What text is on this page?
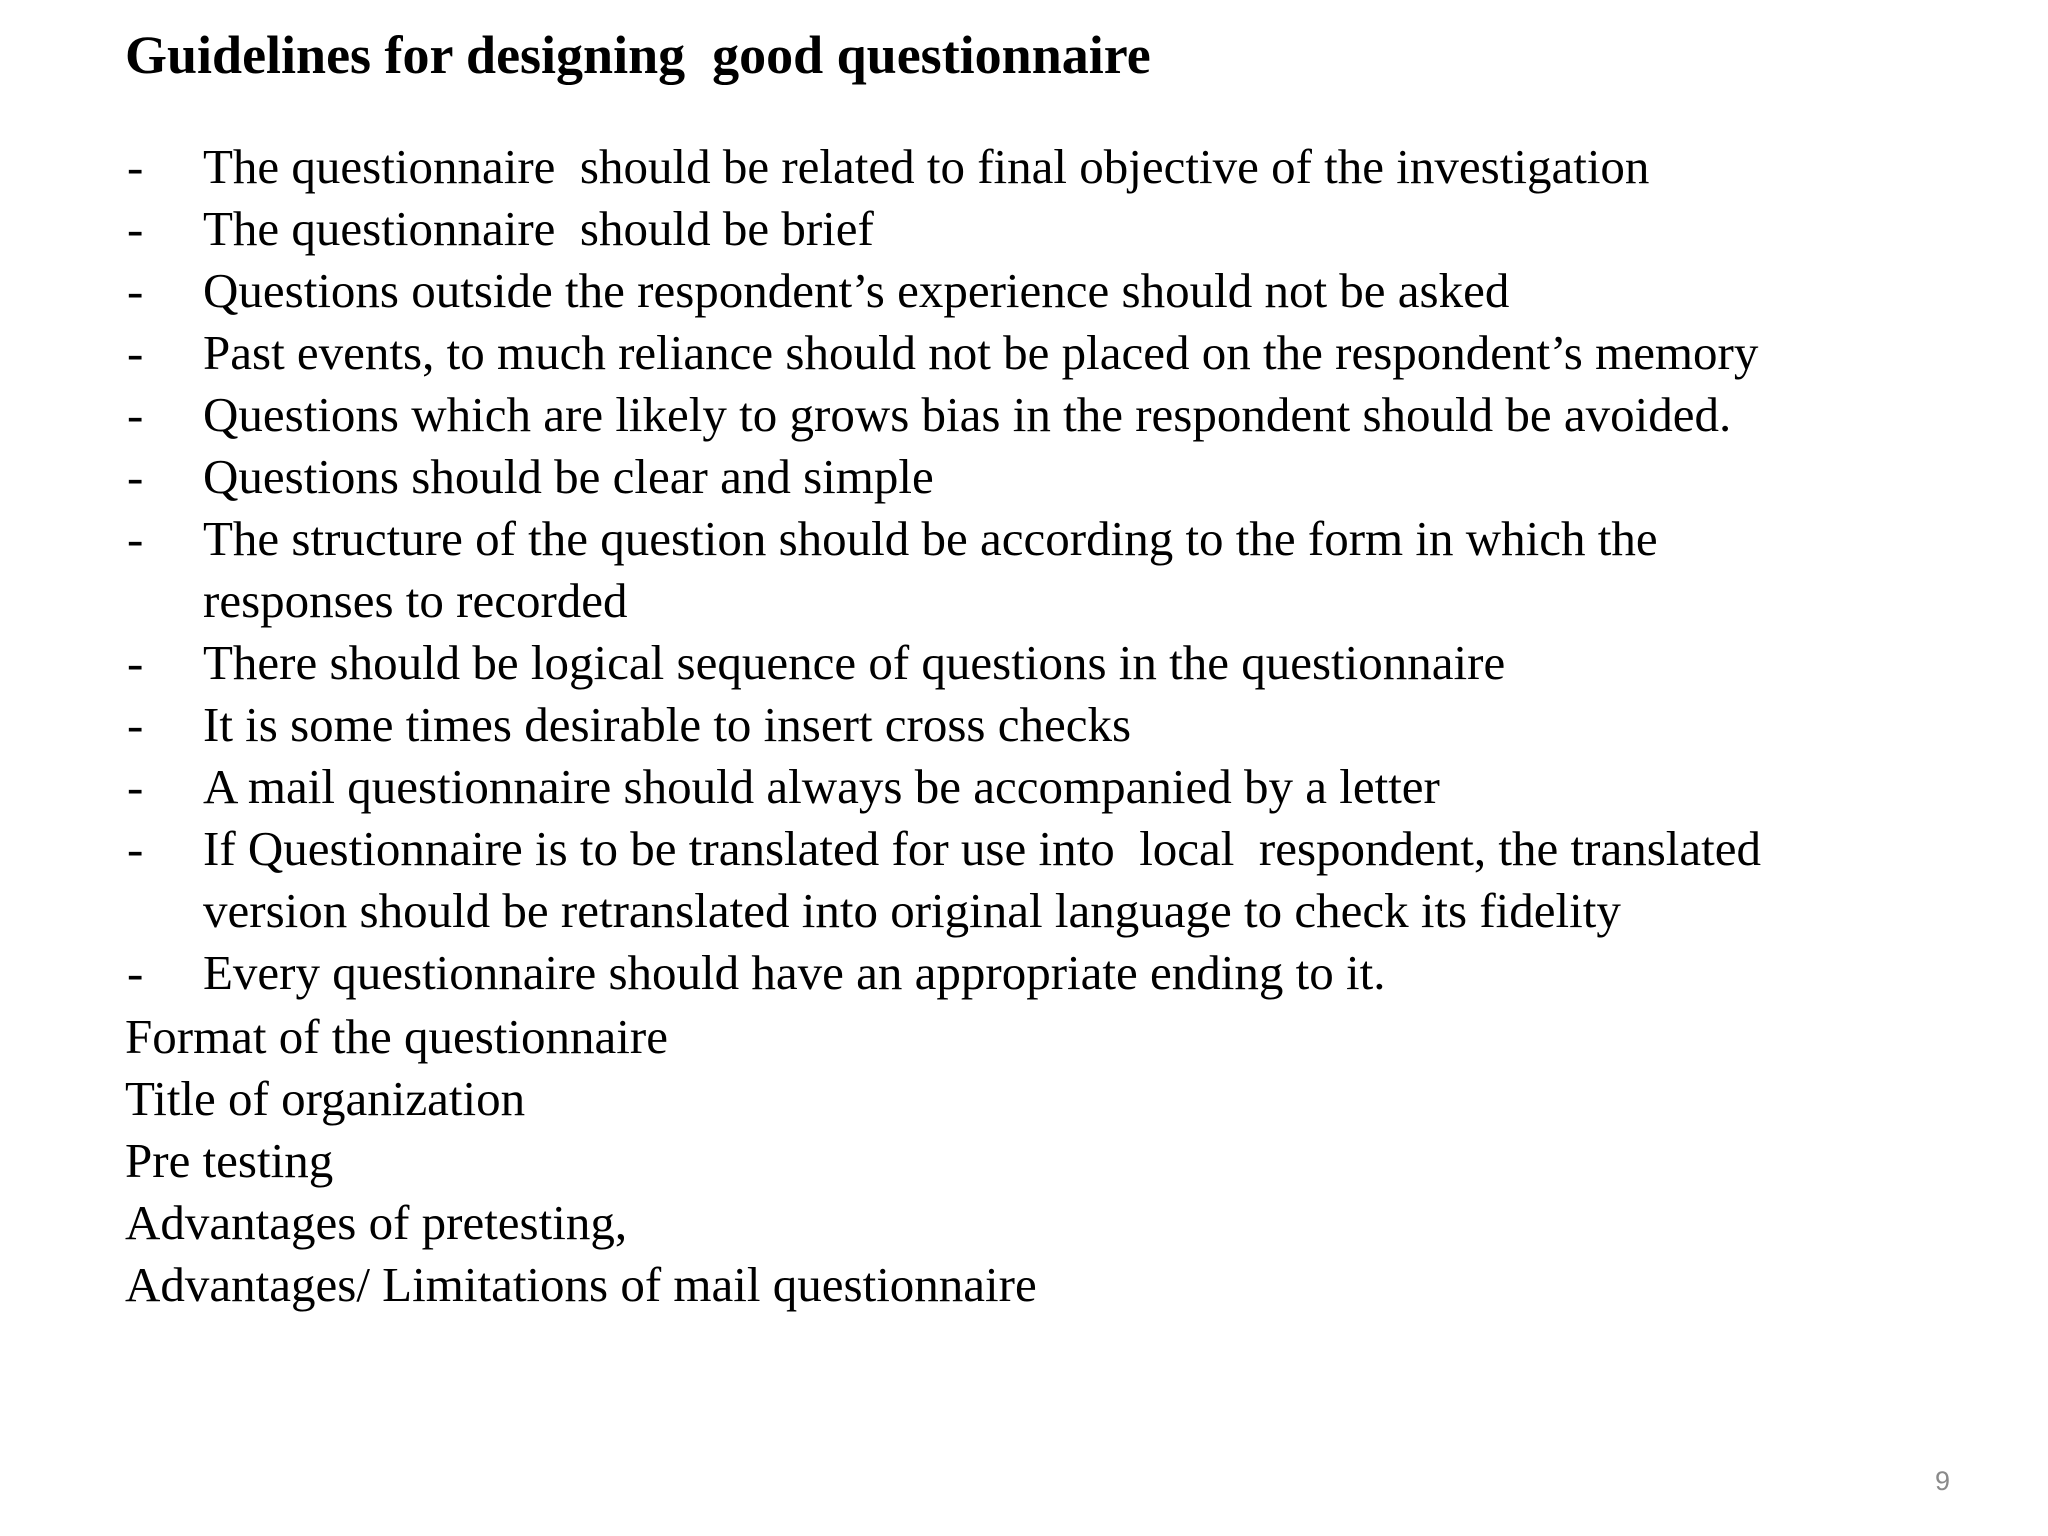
Guidelines for designing  good questionnaire
- The questionnaire  should be related to final objective of the investigation
- The questionnaire  should be brief
- Questions outside the respondent’s experience should not be asked
- Past events, to much reliance should not be placed on the respondent’s memory
- Questions which are likely to grows bias in the respondent should be avoided.
- Questions should be clear and simple
- The structure of the question should be according to the form in which the
responses to recorded
- There should be logical sequence of questions in the questionnaire
- It is some times desirable to insert cross checks
- A mail questionnaire should always be accompanied by a letter
- If Questionnaire is to be translated for use into  local  respondent, the translated
version should be retranslated into original language to check its fidelity
- Every questionnaire should have an appropriate ending to it.
Format of the questionnaire
Title of organization
Pre testing
Advantages of pretesting,
Advantages/ Limitations of mail questionnaire
9
